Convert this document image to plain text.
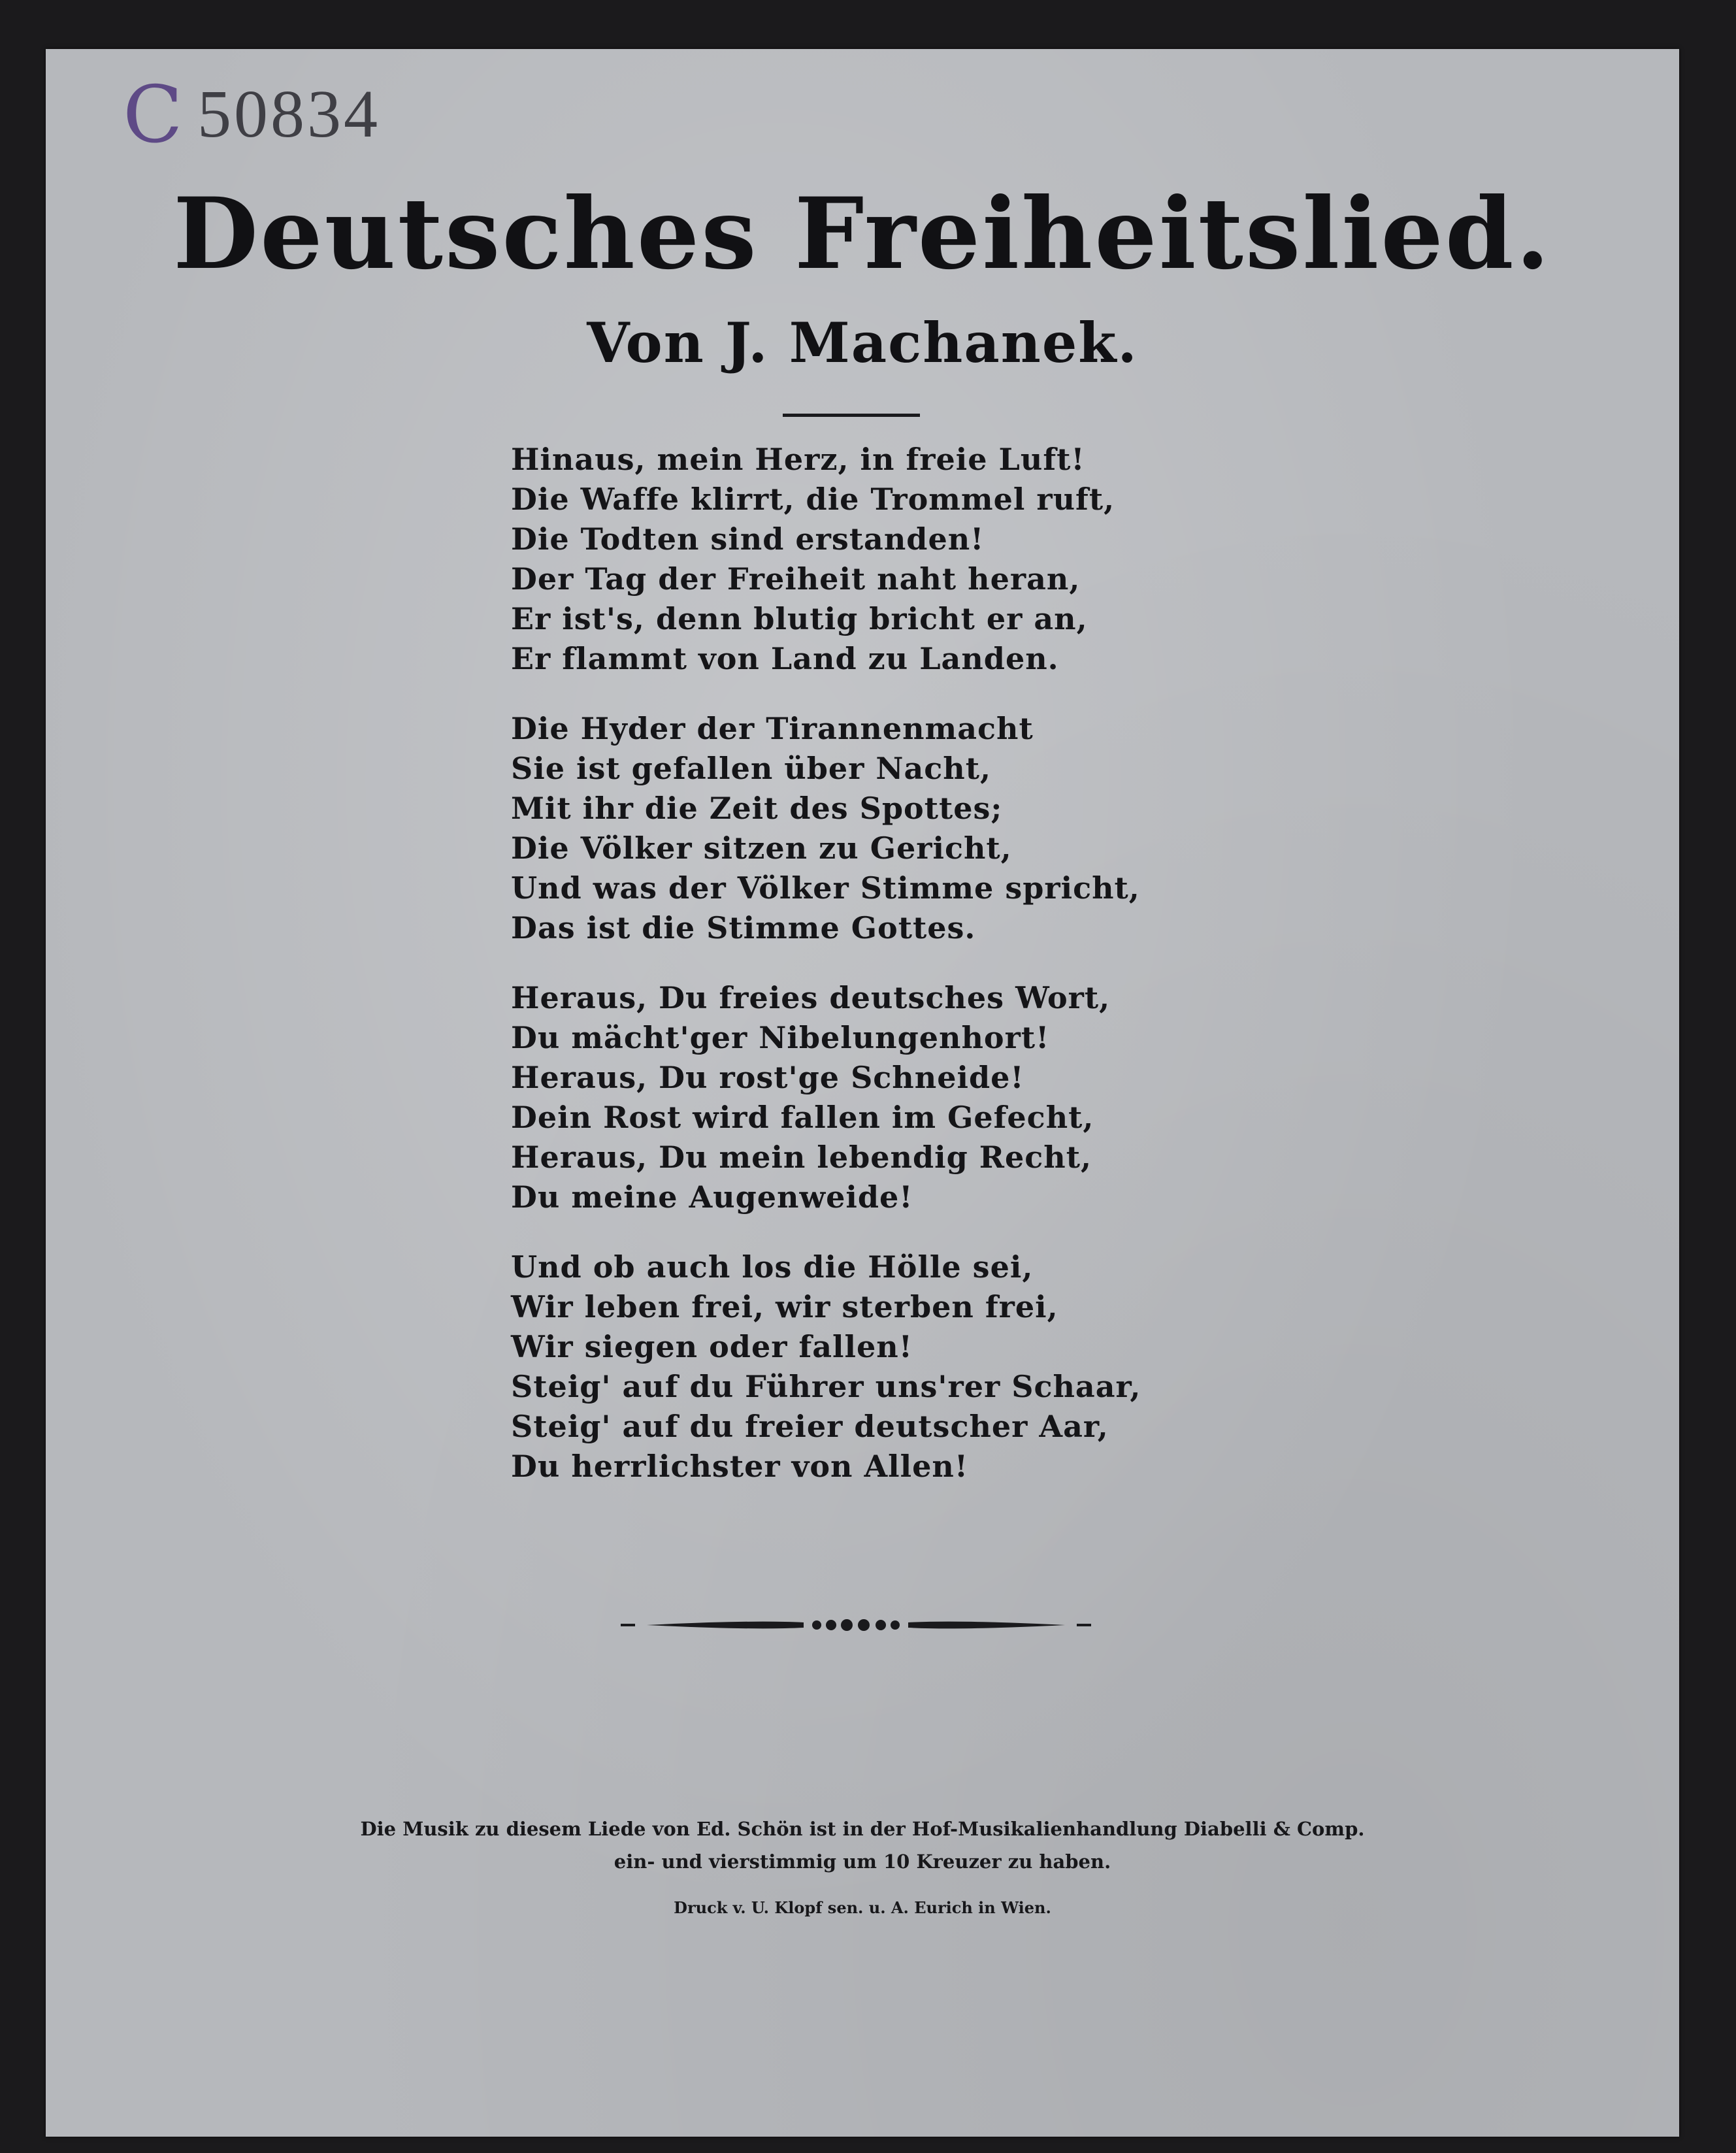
C 50834
Deutsches Freiheitslied.
Von J. Machanek.
Hinaus, mein Herz, in freie Luft!
Die Waffe klirrt, die Trommel ruft,
Die Todten sind erstanden!
Der Tag der Freiheit naht heran,
Er ist's, denn blutig bricht er an,
Er flammt von Land zu Landen.
Die Hyder der Tirannenmacht
Sie ist gefallen über Nacht,
Mit ihr die Zeit des Spottes;
Die Völker sitzen zu Gericht,
Und was der Völker Stimme spricht,
Das ist die Stimme Gottes.
Heraus, Du freies deutsches Wort,
Du mächt'ger Nibelungenhort!
Heraus, Du rost'ge Schneide!
Dein Rost wird fallen im Gefecht,
Heraus, Du mein lebendig Recht,
Du meine Augenweide!
Und ob auch los die Hölle sei,
Wir leben frei, wir sterben frei,
Wir siegen oder fallen!
Steig' auf du Führer uns'rer Schaar,
Steig' auf du freier deutscher Aar,
Du herrlichster von Allen!
Die Musik zu diesem Liede von Ed. Schön ist in der Hof-Musikalienhandlung Diabelli & Comp.
ein- und vierstimmig um 10 Kreuzer zu haben.
Druck v. U. Klopf sen. u. A. Eurich in Wien.
